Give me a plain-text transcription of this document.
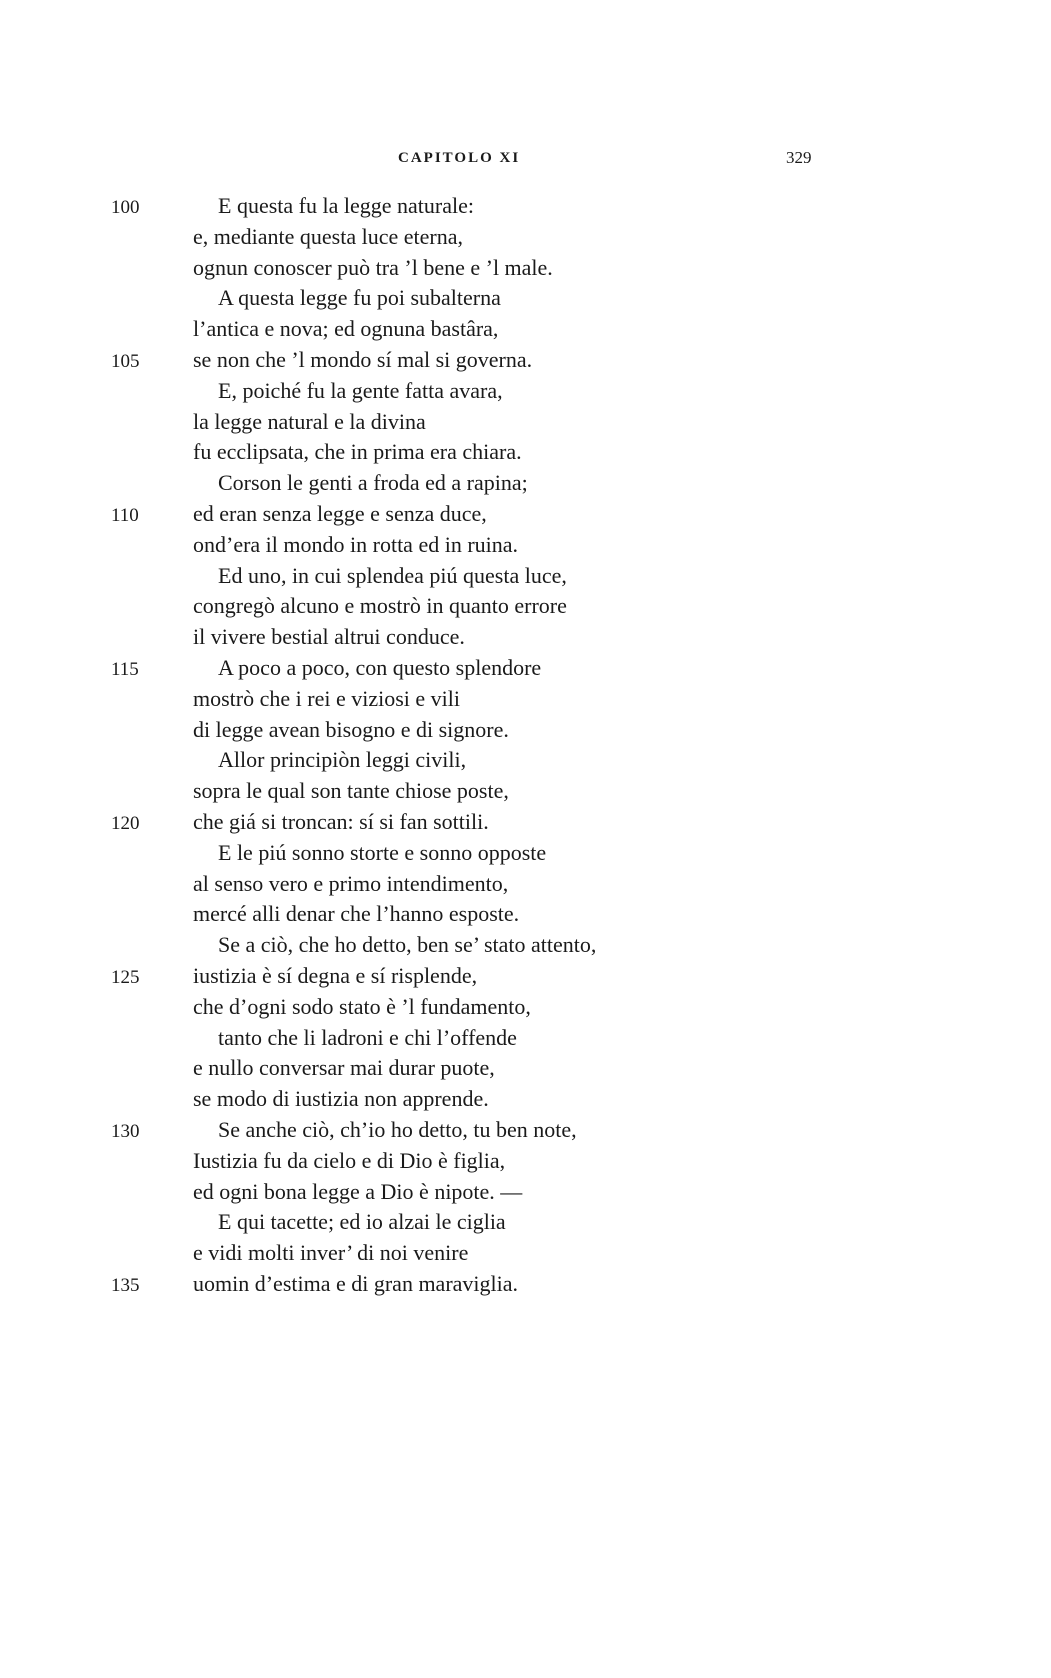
CAPITOLO XI	329
100	E questa fu la legge naturale:
e, mediante questa luce eterna,
ognun conoscer può tra ’l bene e ’l male.
A questa legge fu poi subalterna
l’antica e nova; ed ognuna bastâra,
105 se non che ’l mondo sí mal si governa.
E, poiché fu la gente fatta avara,
la legge natural e la divina
fu ecclipsata, che in prima era chiara.
Corson le genti a froda ed a rapina;
110 ed eran senza legge e senza duce,
ond’era il mondo in rotta ed in ruina.
Ed uno, in cui splendea piú questa luce,
congregò alcuno e mostrò in quanto errore
il vivere bestial altrui conduce.
115	A poco a poco, con questo splendore
mostrò che i rei e viziosi e vili
di legge avean bisogno e di signore.
Allor principiòn leggi civili,
sopra le qual son tante chiose poste,
120 che giá si troncan: sí si fan sottili.
E le piú sonno storte e sonno opposte
al senso vero e primo intendimento,
mercé alli denar che l’hanno esposte.
Se a ciò, che ho detto, ben se’ stato attento,
125 iustizia è sí degna e sí risplende,
che d’ogni sodo stato è ’l fundamento,
tanto che li ladroni e chi l’offende
e nullo conversar mai durar puote,
se modo di iustizia non apprende.
130	Se anche ciò, ch’io ho detto, tu ben note,
Iustizia fu da cielo e di Dio è figlia,
ed ogni bona legge a Dio è nipote. —
E qui tacette; ed io alzai le ciglia
e vidi molti inver’ di noi venire
135 uomin d’estima e di gran maraviglia.
